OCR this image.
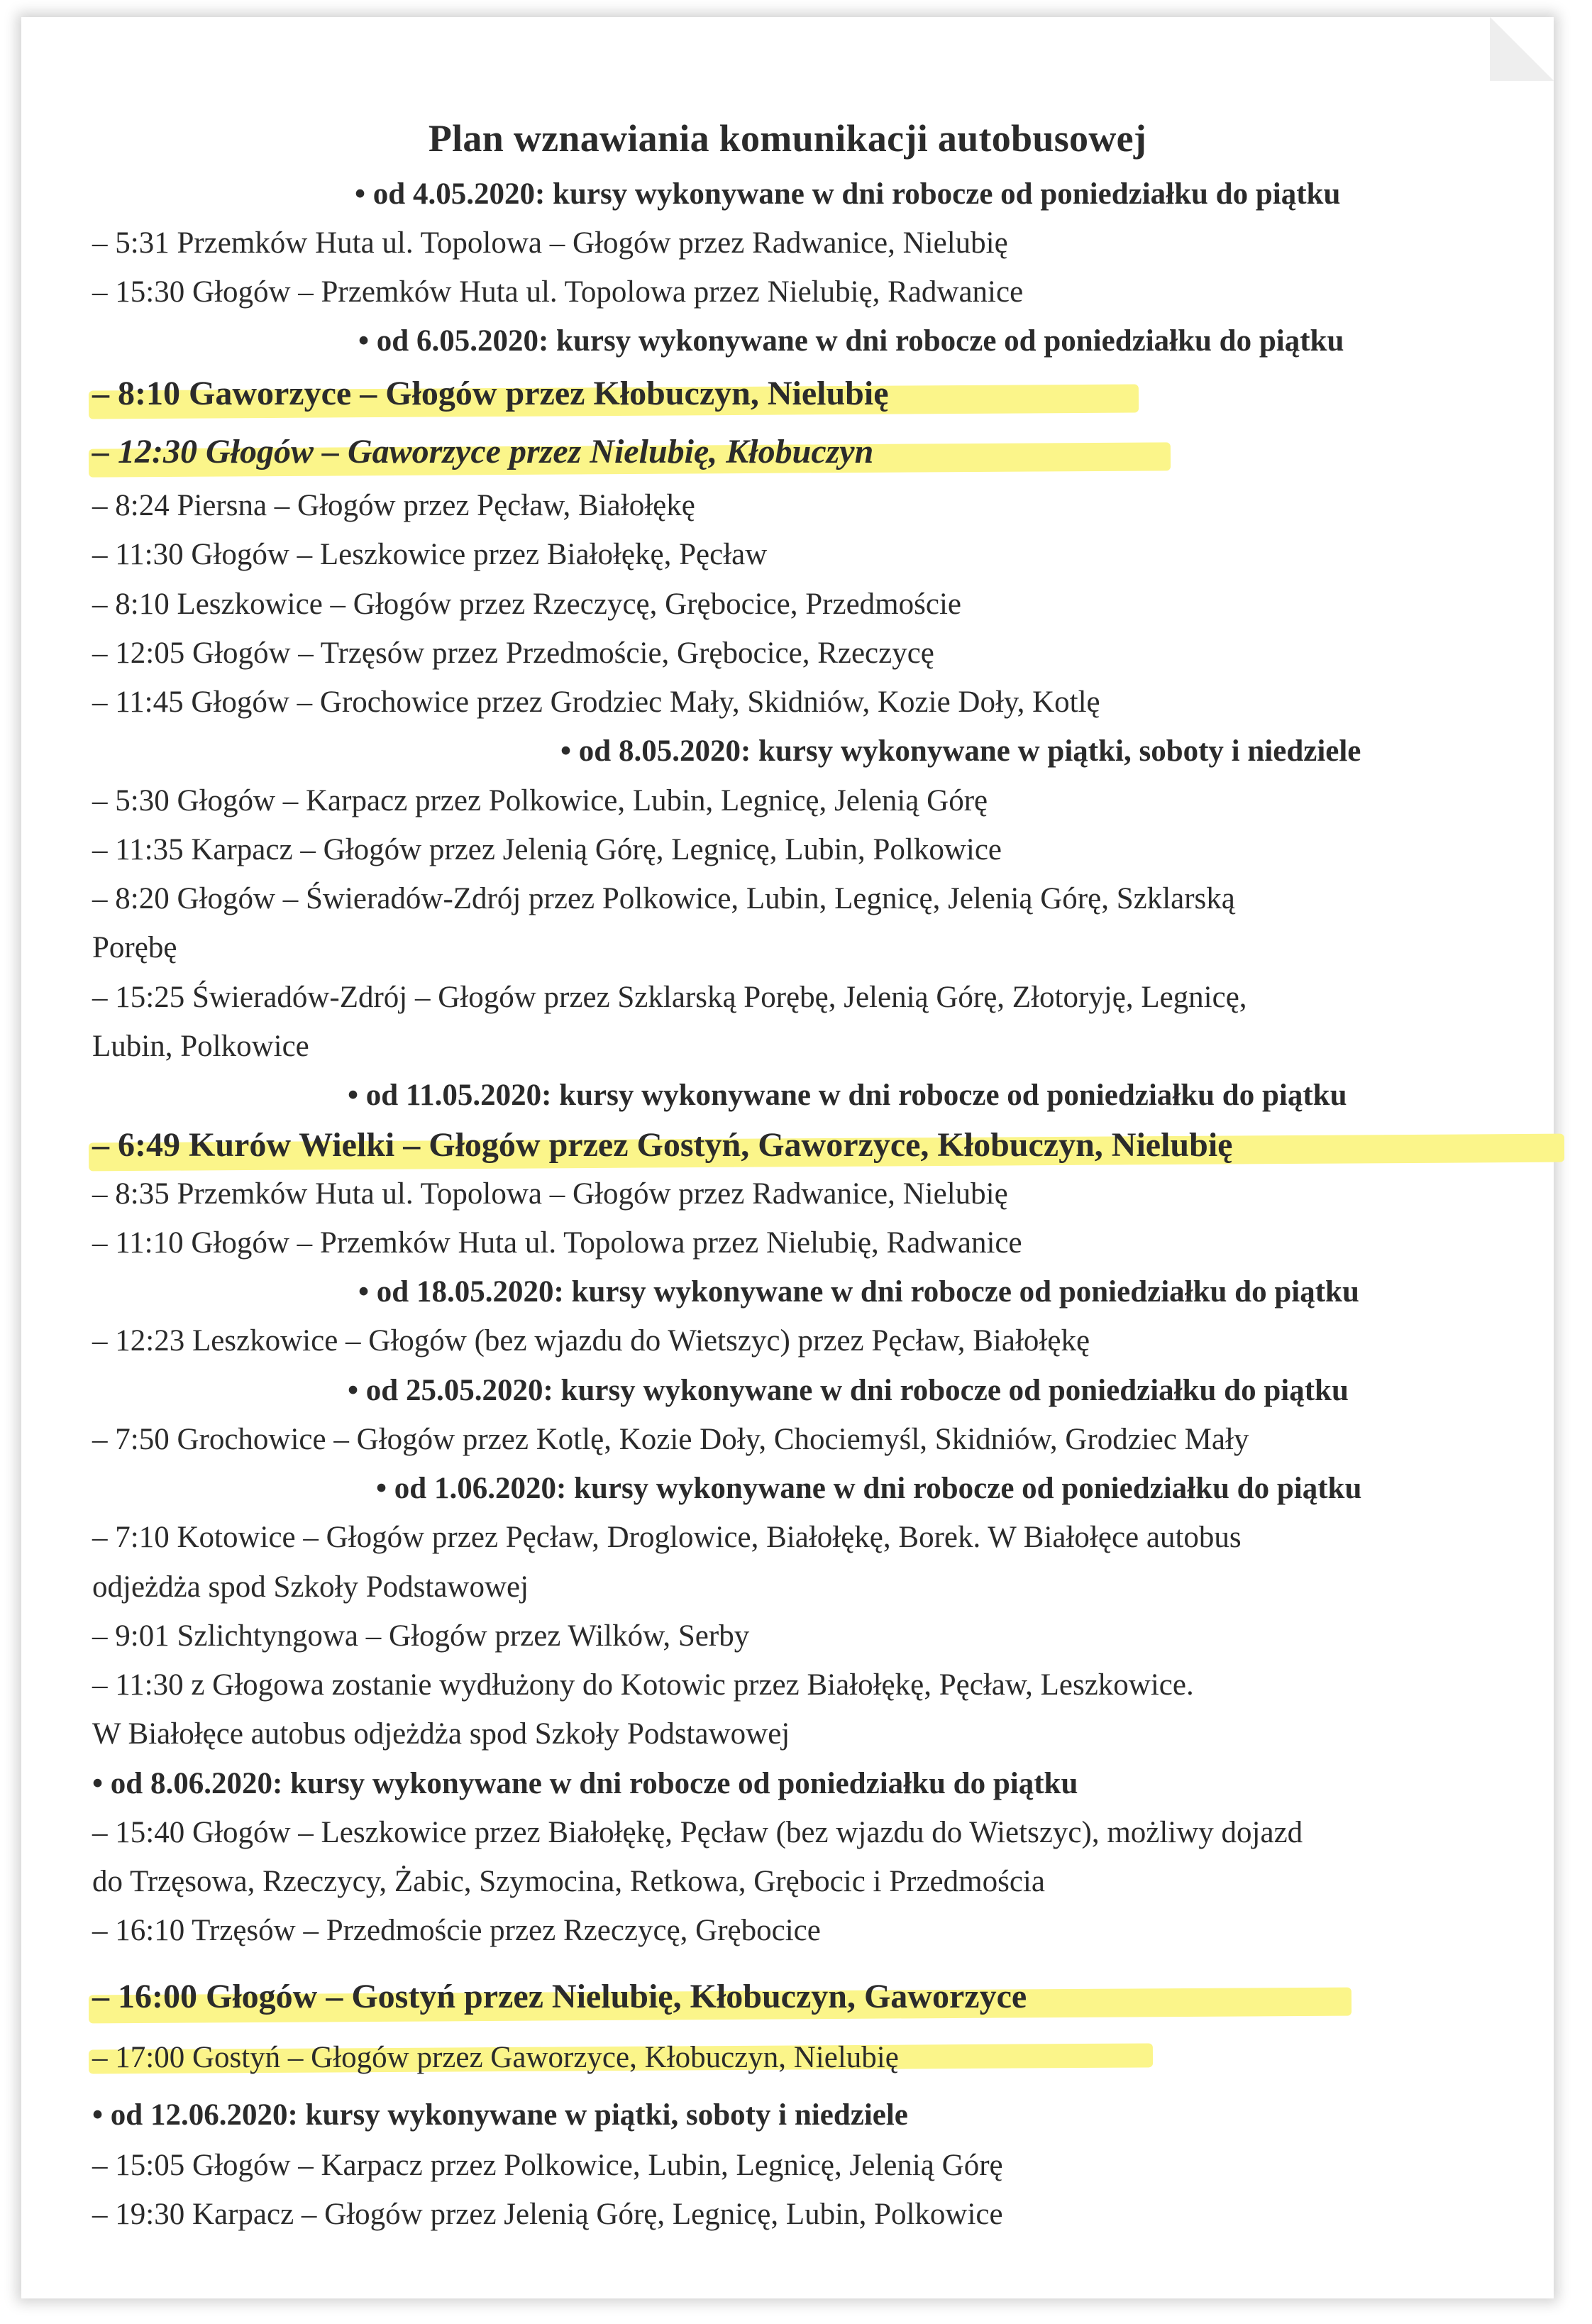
Plan wznawiania komunikacji autobusowej
• od 4.05.2020: kursy wykonywane w dni robocze od poniedziałku do piątku
– 5:31 Przemków Huta ul. Topolowa – Głogów przez Radwanice, Nielubię
– 15:30 Głogów – Przemków Huta ul. Topolowa przez Nielubię, Radwanice
• od 6.05.2020: kursy wykonywane w dni robocze od poniedziałku do piątku
– 8:10 Gaworzyce – Głogów przez Kłobuczyn, Nielubię
– 12:30 Głogów – Gaworzyce przez Nielubię, Kłobuczyn
– 8:24 Piersna – Głogów przez Pęcław, Białołękę
– 11:30 Głogów – Leszkowice przez Białołękę, Pęcław
– 8:10 Leszkowice – Głogów przez Rzeczycę, Grębocice, Przedmoście
– 12:05 Głogów – Trzęsów przez Przedmoście, Grębocice, Rzeczycę
– 11:45 Głogów – Grochowice przez Grodziec Mały, Skidniów, Kozie Doły, Kotlę
• od 8.05.2020: kursy wykonywane w piątki, soboty i niedziele
– 5:30 Głogów – Karpacz przez Polkowice, Lubin, Legnicę, Jelenią Górę
– 11:35 Karpacz – Głogów przez Jelenią Górę, Legnicę, Lubin, Polkowice
– 8:20 Głogów – Świeradów-Zdrój przez Polkowice, Lubin, Legnicę, Jelenią Górę, Szklarską
Porębę
– 15:25 Świeradów-Zdrój – Głogów przez Szklarską Porębę, Jelenią Górę, Złotoryję, Legnicę,
Lubin, Polkowice
• od 11.05.2020: kursy wykonywane w dni robocze od poniedziałku do piątku
– 6:49 Kurów Wielki – Głogów przez Gostyń, Gaworzyce, Kłobuczyn, Nielubię
– 8:35 Przemków Huta ul. Topolowa – Głogów przez Radwanice, Nielubię
– 11:10 Głogów – Przemków Huta ul. Topolowa przez Nielubię, Radwanice
• od 18.05.2020: kursy wykonywane w dni robocze od poniedziałku do piątku
– 12:23 Leszkowice – Głogów (bez wjazdu do Wietszyc) przez Pęcław, Białołękę
• od 25.05.2020: kursy wykonywane w dni robocze od poniedziałku do piątku
– 7:50 Grochowice – Głogów przez Kotlę, Kozie Doły, Chociemyśl, Skidniów, Grodziec Mały
• od 1.06.2020: kursy wykonywane w dni robocze od poniedziałku do piątku
– 7:10 Kotowice – Głogów przez Pęcław, Droglowice, Białołękę, Borek. W Białołęce autobus
odjeżdża spod Szkoły Podstawowej
– 9:01 Szlichtyngowa – Głogów przez Wilków, Serby
– 11:30 z Głogowa zostanie wydłużony do Kotowic przez Białołękę, Pęcław, Leszkowice.
W Białołęce autobus odjeżdża spod Szkoły Podstawowej
• od 8.06.2020: kursy wykonywane w dni robocze od poniedziałku do piątku
– 15:40 Głogów – Leszkowice przez Białołękę, Pęcław (bez wjazdu do Wietszyc), możliwy dojazd
do Trzęsowa, Rzeczycy, Żabic, Szymocina, Retkowa, Grębocic i Przedmościa
– 16:10 Trzęsów – Przedmoście przez Rzeczycę, Grębocice
– 16:00 Głogów – Gostyń przez Nielubię, Kłobuczyn, Gaworzyce
– 17:00 Gostyń – Głogów przez Gaworzyce, Kłobuczyn, Nielubię
• od 12.06.2020: kursy wykonywane w piątki, soboty i niedziele
– 15:05 Głogów – Karpacz przez Polkowice, Lubin, Legnicę, Jelenią Górę
– 19:30 Karpacz – Głogów przez Jelenią Górę, Legnicę, Lubin, Polkowice
